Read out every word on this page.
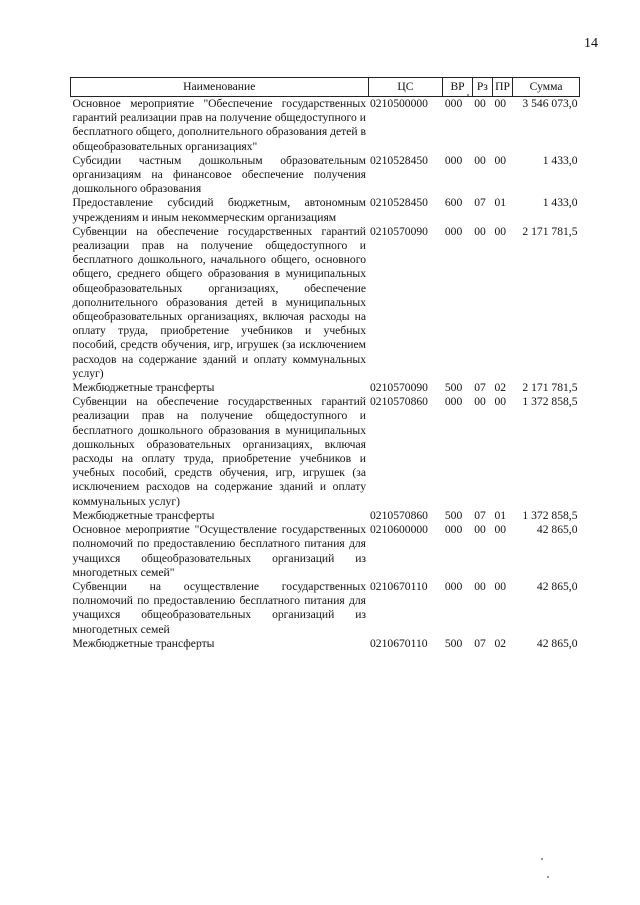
14
Наименование	ЦС	ВР	Рз	ПР	Сумма
Основное мероприятие "Обеспечение государственных гарантий реализации прав на получение общедоступного и бесплатного общего, дополнительного образования детей в общеобразовательных организациях"	0210500000	000	00	00	3 546 073,0
Субсидии частным дошкольным образовательным организациям на финансовое обеспечение получения дошкольного образования	0210528450	000	00	00	1 433,0
Предоставление субсидий бюджетным, автономным учреждениям и иным некоммерческим организациям	0210528450	600	07	01	1 433,0
Субвенции на обеспечение государственных гарантий реализации прав на получение общедоступного и бесплатного дошкольного, начального общего, основного общего, среднего общего образования в муниципальных общеобразовательных организациях, обеспечение дополнительного образования детей в муниципальных общеобразовательных организациях, включая расходы на оплату труда, приобретение учебников и учебных пособий, средств обучения, игр, игрушек (за исключением расходов на содержание зданий и оплату коммунальных услуг)	0210570090	000	00	00	2 171 781,5
Межбюджетные трансферты	0210570090	500	07	02	2 171 781,5
Субвенции на обеспечение государственных гарантий реализации прав на получение общедоступного и бесплатного дошкольного образования в муниципальных дошкольных образовательных организациях, включая расходы на оплату труда, приобретение учебников и учебных пособий, средств обучения, игр, игрушек (за исключением расходов на содержание зданий и оплату коммунальных услуг)	0210570860	000	00	00	1 372 858,5
Межбюджетные трансферты	0210570860	500	07	01	1 372 858,5
Основное мероприятие "Осуществление государственных полномочий по предоставлению бесплатного питания для учащихся общеобразовательных организаций из многодетных семей"	0210600000	000	00	00	42 865,0
Субвенции на осуществление государственных полномочий по предоставлению бесплатного питания для учащихся общеобразовательных организаций из многодетных семей	0210670110	000	00	00	42 865,0
Межбюджетные трансферты	0210670110	500	07	02	42 865,0
